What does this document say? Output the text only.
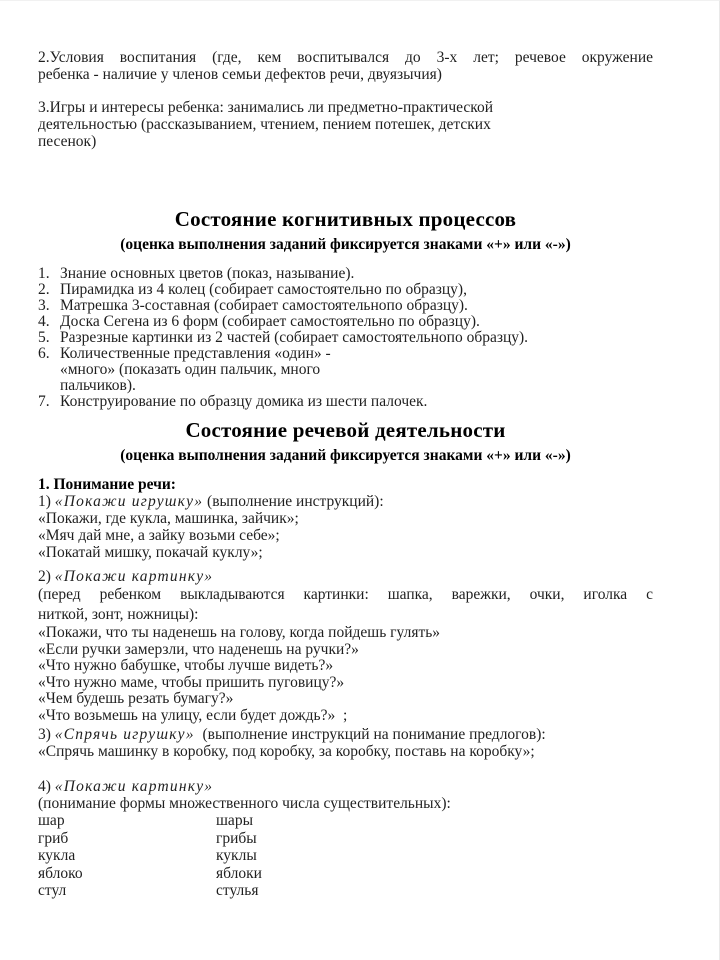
2.Условия воспитания (где, кем воспитывался до 3-х лет; речевое окружение
ребенка - наличие у членов семьи дефектов речи, двуязычия)
3.Игры и интересы ребенка: занимались ли предметно-практической
деятельностью (рассказыванием, чтением, пением потешек, детских
песенок)
Состояние когнитивных процессов
(оценка выполнения заданий фиксируется знаками «+» или «-»)
1. Знание основных цветов (показ, называние).
2. Пирамидка из 4 колец (собирает самостоятельно по образцу),
3. Матрешка 3-составная (собирает самостоятельнопо образцу).
4. Доска Сегена из 6 форм (собирает самостоятельно по образцу).
5. Разрезные картинки из 2 частей (собирает самостоятельнопо образцу).
6. Количественные представления «один» - «много» (показать один пальчик, много пальчиков).
7. Конструирование по образцу домика из шести палочек.
Состояние речевой деятельности
(оценка выполнения заданий фиксируется знаками «+» или «-»)

1. Понимание речи:

1) «Покажи игрушку» (выполнение инструкций):

«Покажи, где кукла, машинка, зайчик»;

«Мяч дай мне, а зайку возьми себе»;

«Покатай мишку, покачай куклу»;

2) «Покажи картинку»

(перед ребенком выкладываются картинки: шапка, варежки, очки, иголка с
ниткой, зонт, ножницы):

«Покажи, что ты наденешь на голову, когда пойдешь гулять»

«Если ручки замерзли, что наденешь на ручки?»

«Что нужно бабушке, чтобы лучше видеть?»

«Что нужно маме, чтобы пришить пуговицу?»

«Чем будешь резать бумагу?»

«Что возьмешь на улицу, если будет дождь?»  ;

3) «Спрячь игрушку»  (выполнение инструкций на понимание предлогов):

«Спрячь машинку в коробку, под коробку, за коробку, поставь на коробку»;

4) «Покажи картинку»

(понимание формы множественного числа существительных):

шар	шары
гриб	грибы
кукла	куклы
яблоко	яблоки
стул	стулья
